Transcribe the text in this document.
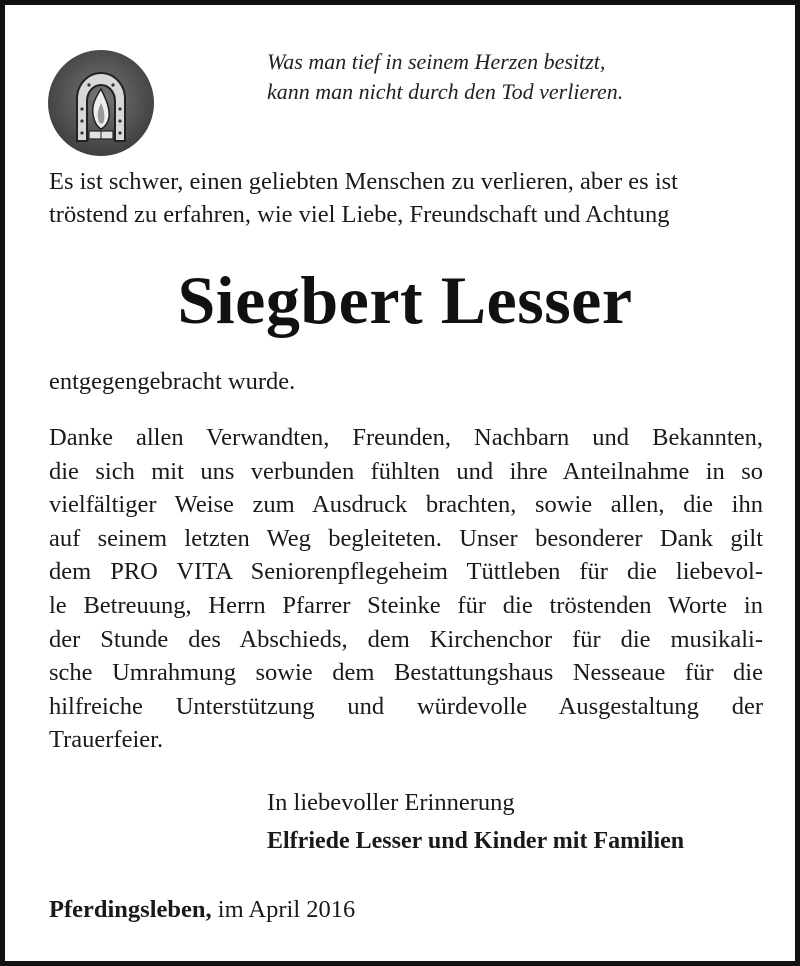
Was man tief in seinem Herzen besitzt,
kann man nicht durch den Tod verlieren.
Es ist schwer, einen geliebten Menschen zu verlieren, aber es ist
tröstend zu erfahren, wie viel Liebe, Freundschaft und Achtung
Siegbert Lesser
entgegengebracht wurde.
Danke allen Verwandten, Freunden, Nachbarn und Bekannten,
die sich mit uns verbunden fühlten und ihre Anteilnahme in so
vielfältiger Weise zum Ausdruck brachten, sowie allen, die ihn
auf seinem letzten Weg begleiteten. Unser besonderer Dank gilt
dem PRO VITA Seniorenpflegeheim Tüttleben für die liebevol-
le Betreuung, Herrn Pfarrer Steinke für die tröstenden Worte in
der Stunde des Abschieds, dem Kirchenchor für die musikali-
sche Umrahmung sowie dem Bestattungshaus Nesseaue für die
hilfreiche Unterstützung und würdevolle Ausgestaltung der
Trauerfeier.
In liebevoller Erinnerung
Elfriede Lesser und Kinder mit Familien
Pferdingsleben, im April 2016
